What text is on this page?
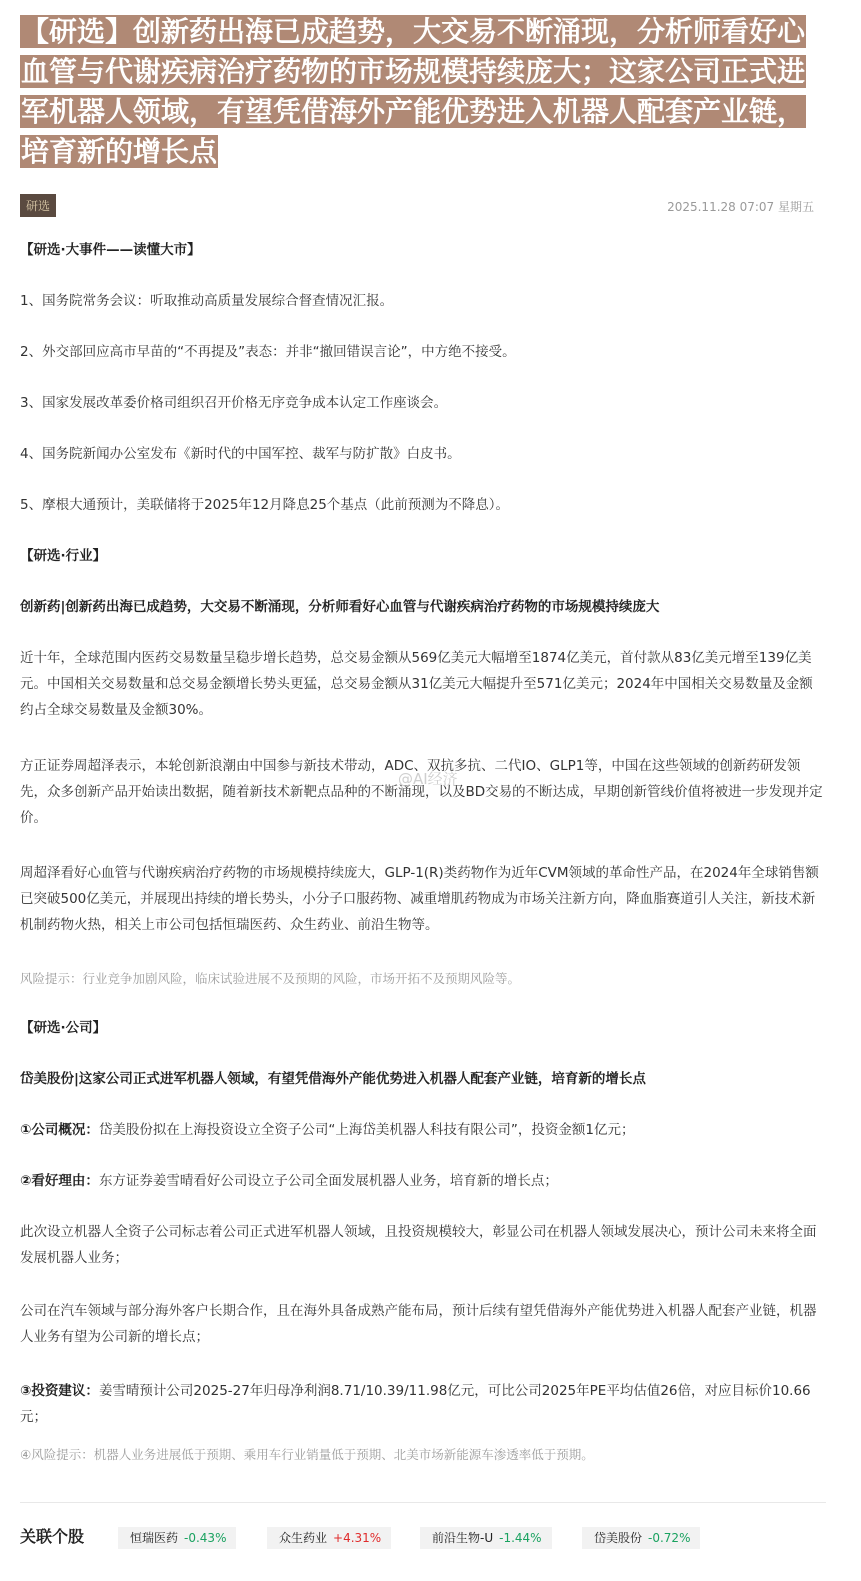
【研选】创新药出海已成趋势，大交易不断涌现，分析师看好心血管与代谢疾病治疗药物的市场规模持续庞大；这家公司正式进军机器人领域，有望凭借海外产能优势进入机器人配套产业链，培育新的增长点
研选	2025.11.28 07:07 星期五

【研选·大事件——读懂大市】

1、国务院常务会议：听取推动高质量发展综合督查情况汇报。

2、外交部回应高市早苗的“不再提及”表态：并非“撤回错误言论”，中方绝不接受。

3、国家发展改革委价格司组织召开价格无序竞争成本认定工作座谈会。

4、国务院新闻办公室发布《新时代的中国军控、裁军与防扩散》白皮书。

5、摩根大通预计，美联储将于2025年12月降息25个基点（此前预测为不降息）。

【研选·行业】

创新药|创新药出海已成趋势，大交易不断涌现，分析师看好心血管与代谢疾病治疗药物的市场规模持续庞大

近十年，全球范围内医药交易数量呈稳步增长趋势，总交易金额从569亿美元大幅增至1874亿美元，首付款从83亿美元增至139亿美元。中国相关交易数量和总交易金额增长势头更猛，总交易金额从31亿美元大幅提升至571亿美元；2024年中国相关交易数量及金额约占全球交易数量及金额30%。

方正证券周超泽表示，本轮创新浪潮由中国参与新技术带动，ADC、双抗多抗、二代IO、GLP1等，中国在这些领域的创新药研发领先，众多创新产品开始读出数据，随着新技术新靶点品种的不断涌现，以及BD交易的不断达成，早期创新管线价值将被进一步发现并定价。

周超泽看好心血管与代谢疾病治疗药物的市场规模持续庞大，GLP-1(R)类药物作为近年CVM领域的革命性产品，在2024年全球销售额已突破500亿美元，并展现出持续的增长势头，小分子口服药物、减重增肌药物成为市场关注新方向，降血脂赛道引人关注，新技术新机制药物火热，相关上市公司包括恒瑞医药、众生药业、前沿生物等。

风险提示：行业竞争加剧风险，临床试验进展不及预期的风险，市场开拓不及预期风险等。

【研选·公司】

岱美股份|这家公司正式进军机器人领域，有望凭借海外产能优势进入机器人配套产业链，培育新的增长点

①公司概况：岱美股份拟在上海投资设立全资子公司“上海岱美机器人科技有限公司”，投资金额1亿元；

②看好理由：东方证券姜雪晴看好公司设立子公司全面发展机器人业务，培育新的增长点；

此次设立机器人全资子公司标志着公司正式进军机器人领域，且投资规模较大，彰显公司在机器人领域发展决心，预计公司未来将全面发展机器人业务；

公司在汽车领域与部分海外客户长期合作，且在海外具备成熟产能布局，预计后续有望凭借海外产能优势进入机器人配套产业链，机器人业务有望为公司新的增长点；

③投资建议：姜雪晴预计公司2025-27年归母净利润8.71/10.39/11.98亿元，可比公司2025年PE平均估值26倍，对应目标价10.66元；

④风险提示：机器人业务进展低于预期、乘用车行业销量低于预期、北美市场新能源车渗透率低于预期。

@AI经济
关联个股	恒瑞医药 -0.43%	众生药业 +4.31%	前沿生物-U -1.44%	岱美股份 -0.72%
